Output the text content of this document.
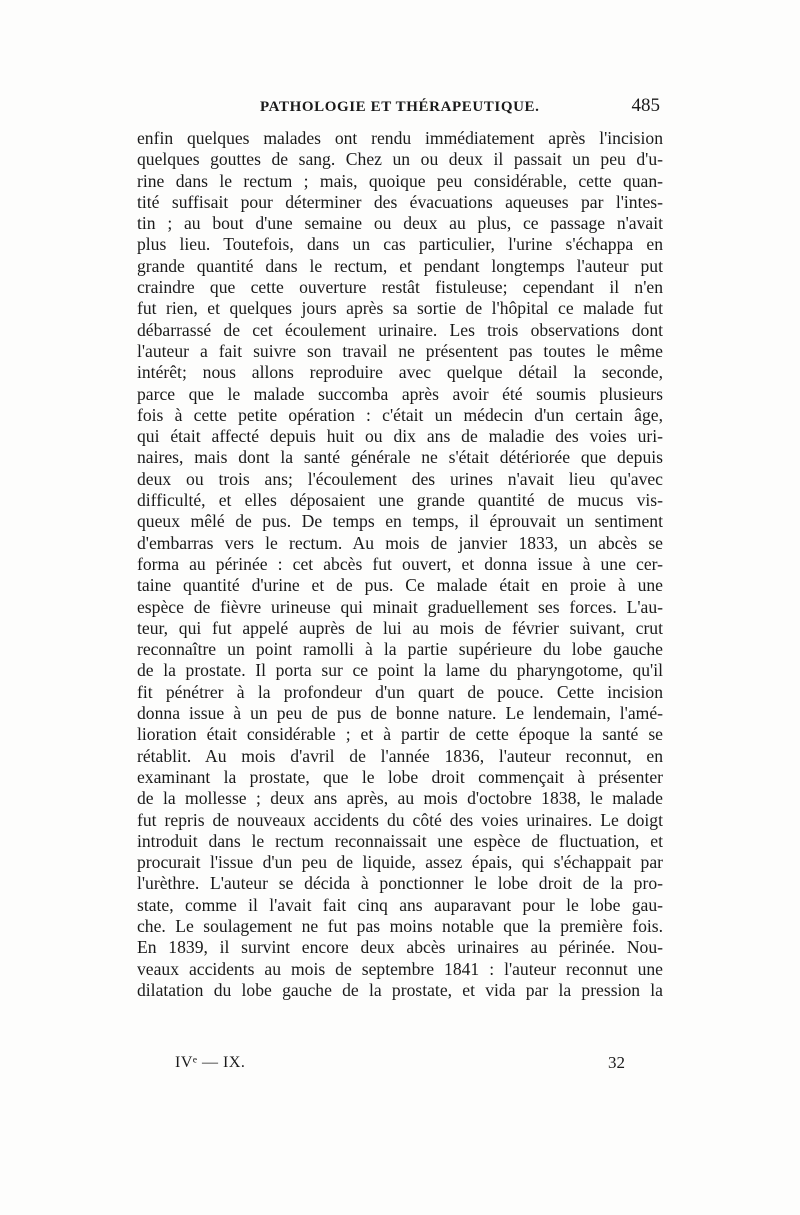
PATHOLOGIE ET THÉRAPEUTIQUE.	485
enfin quelques malades ont rendu immédiatement après l'incision
quelques gouttes de sang. Chez un ou deux il passait un peu d'u-
rine dans le rectum ; mais, quoique peu considérable, cette quan-
tité suffisait pour déterminer des évacuations aqueuses par l'intes-
tin ; au bout d'une semaine ou deux au plus, ce passage n'avait
plus lieu. Toutefois, dans un cas particulier, l'urine s'échappa en
grande quantité dans le rectum, et pendant longtemps l'auteur put
craindre que cette ouverture restât fistuleuse; cependant il n'en
fut rien, et quelques jours après sa sortie de l'hôpital ce malade fut
débarrassé de cet écoulement urinaire. Les trois observations dont
l'auteur a fait suivre son travail ne présentent pas toutes le même
intérêt; nous allons reproduire avec quelque détail la seconde,
parce que le malade succomba après avoir été soumis plusieurs
fois à cette petite opération : c'était un médecin d'un certain âge,
qui était affecté depuis huit ou dix ans de maladie des voies uri-
naires, mais dont la santé générale ne s'était détériorée que depuis
deux ou trois ans; l'écoulement des urines n'avait lieu qu'avec
difficulté, et elles déposaient une grande quantité de mucus vis-
queux mêlé de pus. De temps en temps, il éprouvait un sentiment
d'embarras vers le rectum. Au mois de janvier 1833, un abcès se
forma au périnée : cet abcès fut ouvert, et donna issue à une cer-
taine quantité d'urine et de pus. Ce malade était en proie à une
espèce de fièvre urineuse qui minait graduellement ses forces. L'au-
teur, qui fut appelé auprès de lui au mois de février suivant, crut
reconnaître un point ramolli à la partie supérieure du lobe gauche
de la prostate. Il porta sur ce point la lame du pharyngotome, qu'il
fit pénétrer à la profondeur d'un quart de pouce. Cette incision
donna issue à un peu de pus de bonne nature. Le lendemain, l'amé-
lioration était considérable ; et à partir de cette époque la santé se
rétablit. Au mois d'avril de l'année 1836, l'auteur reconnut, en
examinant la prostate, que le lobe droit commençait à présenter
de la mollesse ; deux ans après, au mois d'octobre 1838, le malade
fut repris de nouveaux accidents du côté des voies urinaires. Le doigt
introduit dans le rectum reconnaissait une espèce de fluctuation, et
procurait l'issue d'un peu de liquide, assez épais, qui s'échappait par
l'urèthre. L'auteur se décida à ponctionner le lobe droit de la pro-
state, comme il l'avait fait cinq ans auparavant pour le lobe gau-
che. Le soulagement ne fut pas moins notable que la première fois.
En 1839, il survint encore deux abcès urinaires au périnée. Nou-
veaux accidents au mois de septembre 1841 : l'auteur reconnut une
dilatation du lobe gauche de la prostate, et vida par la pression la
IVᵉ — IX.	32
